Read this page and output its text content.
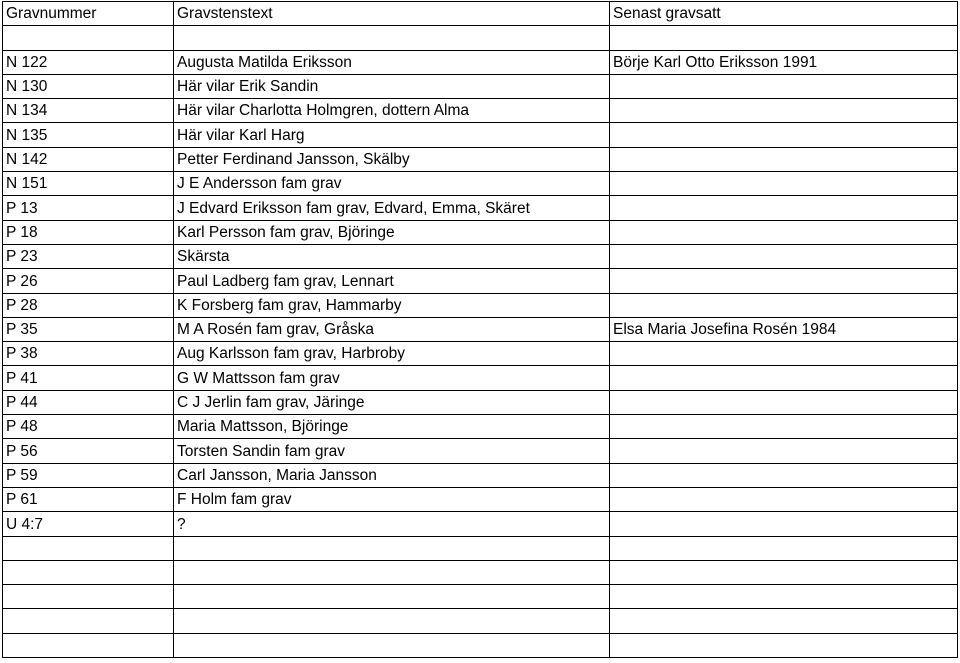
Gravnummer	Gravstenstext	Senast gravsatt

N 122	Augusta Matilda Eriksson	Börje Karl Otto Eriksson 1991
N 130	Här vilar Erik Sandin	
N 134	Här vilar Charlotta Holmgren, dottern Alma	
N 135	Här vilar Karl Harg	
N 142	Petter Ferdinand Jansson, Skälby	
N 151	J E Andersson fam grav	
P 13	J Edvard Eriksson fam grav, Edvard, Emma, Skäret	
P 18	Karl Persson fam grav, Björinge	
P 23	Skärsta	
P 26	Paul Ladberg fam grav, Lennart	
P 28	K Forsberg fam grav, Hammarby	
P 35	M A Rosén fam grav, Gråska	Elsa Maria Josefina Rosén 1984
P 38	Aug Karlsson fam grav, Harbroby	
P 41	G W Mattsson fam grav	
P 44	C J Jerlin fam grav, Järinge	
P 48	Maria Mattsson, Björinge	
P 56	Torsten Sandin fam grav	
P 59	Carl Jansson, Maria Jansson	
P 61	F Holm fam grav	
U 4:7	?	
